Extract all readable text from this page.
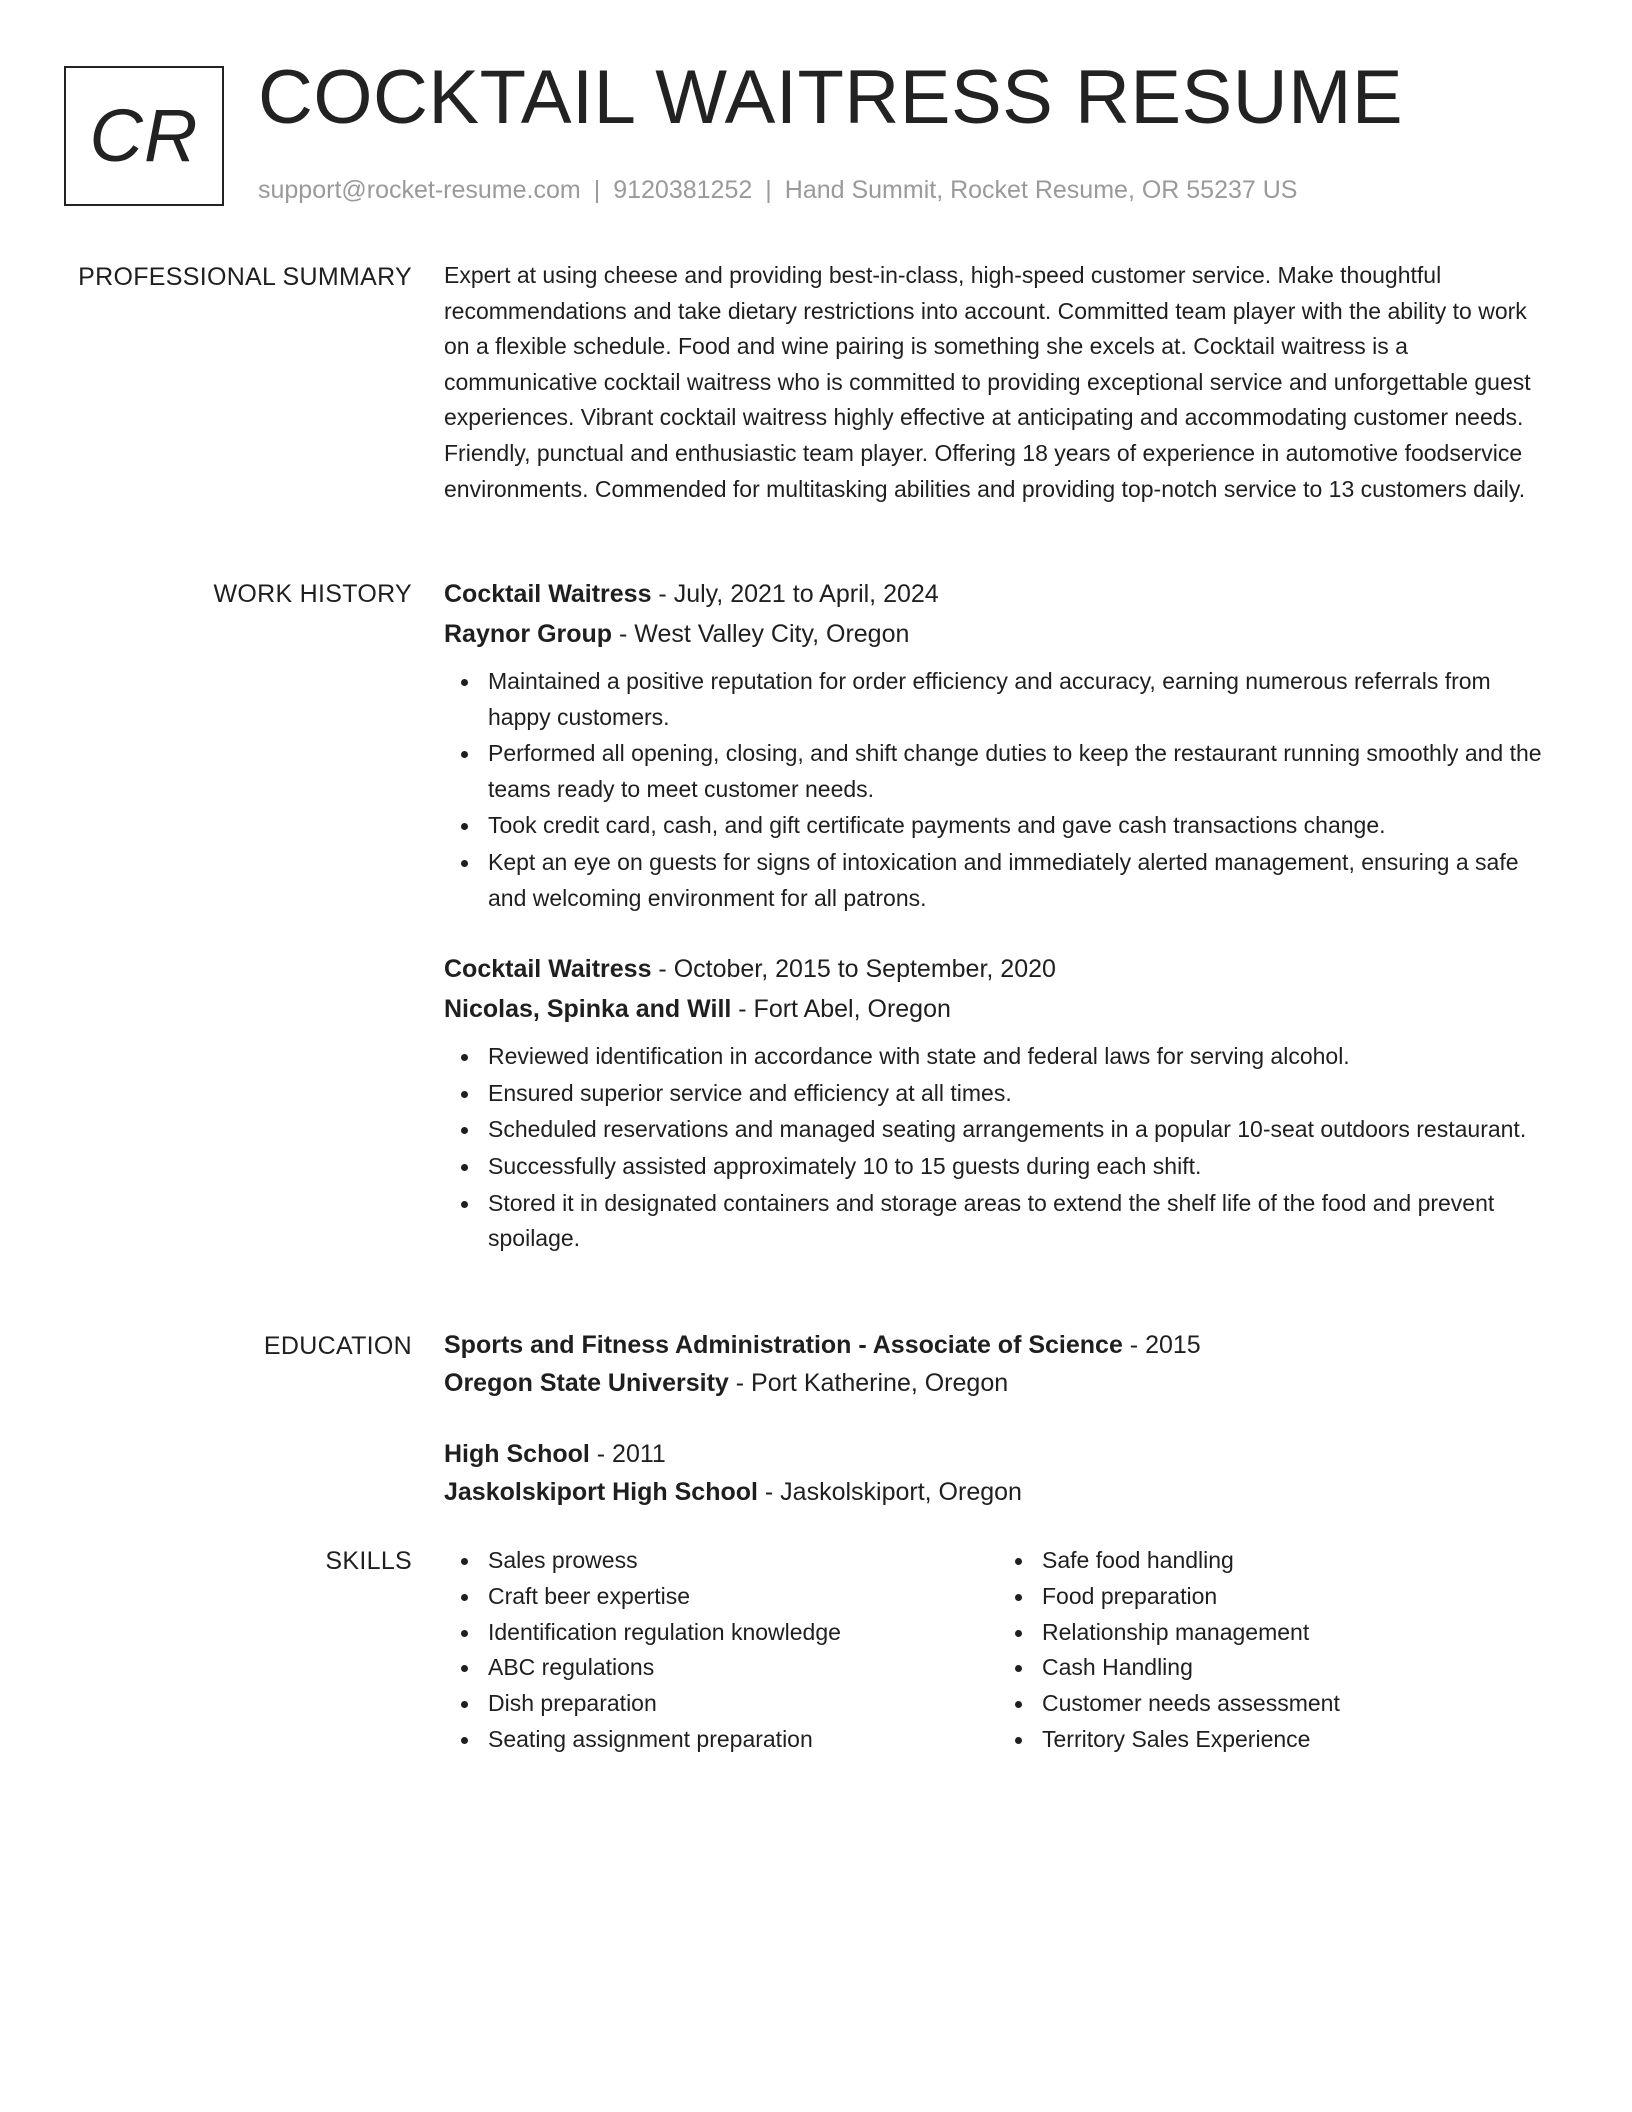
CR COCKTAIL WAITRESS RESUME
support@rocket-resume.com | 9120381252 | Hand Summit, Rocket Resume, OR 55237 US
PROFESSIONAL SUMMARY Expert at using cheese and providing best-in-class, high-speed customer service. Make thoughtful recommendations and take dietary restrictions into account. Committed team player with the ability to work on a flexible schedule. Food and wine pairing is something she excels at. Cocktail waitress is a communicative cocktail waitress who is committed to providing exceptional service and unforgettable guest experiences. Vibrant cocktail waitress highly effective at anticipating and accommodating customer needs. Friendly, punctual and enthusiastic team player. Offering 18 years of experience in automotive foodservice environments. Commended for multitasking abilities and providing top-notch service to 13 customers daily.

WORK HISTORY Cocktail Waitress - July, 2021 to April, 2024
Raynor Group - West Valley City, Oregon
Maintained a positive reputation for order efficiency and accuracy, earning numerous referrals from happy customers.
Performed all opening, closing, and shift change duties to keep the restaurant running smoothly and the teams ready to meet customer needs.
Took credit card, cash, and gift certificate payments and gave cash transactions change.
Kept an eye on guests for signs of intoxication and immediately alerted management, ensuring a safe and welcoming environment for all patrons.
Cocktail Waitress - October, 2015 to September, 2020
Nicolas, Spinka and Will - Fort Abel, Oregon
Reviewed identification in accordance with state and federal laws for serving alcohol.
Ensured superior service and efficiency at all times.
Scheduled reservations and managed seating arrangements in a popular 10-seat outdoors restaurant.
Successfully assisted approximately 10 to 15 guests during each shift.
Stored it in designated containers and storage areas to extend the shelf life of the food and prevent spoilage.
EDUCATION Sports and Fitness Administration - Associate of Science - 2015
Oregon State University - Port Katherine, Oregon
High School - 2011
Jaskolskiport High School - Jaskolskiport, Oregon
SKILLS	Sales prowess
Craft beer expertise
Identification regulation knowledge
ABC regulations
Dish preparation
Seating assignment preparation
Safe food handling
Food preparation
Relationship management
Cash Handling
Customer needs assessment
Territory Sales Experience
